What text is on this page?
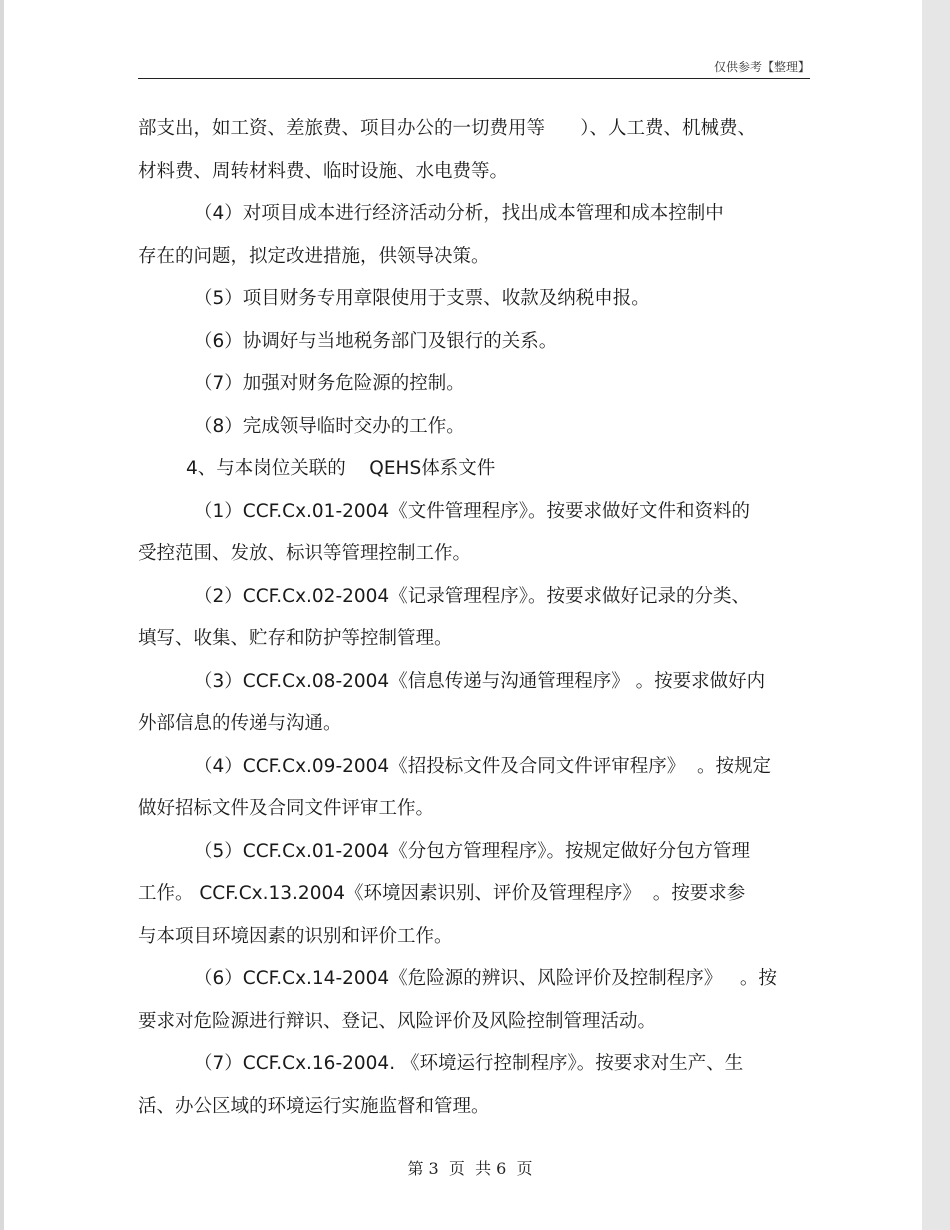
仅供参考【整理】
部支出，如工资、差旅费、项目办公的一切费用等      ）、人工费、机械费、
材料费、周转材料费、临时设施、水电费等。
（4）对项目成本进行经济活动分析，找出成本管理和成本控制中
存在的问题，拟定改进措施，供领导决策。
（5）项目财务专用章限使用于支票、收款及纳税申报。
（6）协调好与当地税务部门及银行的关系。
（7）加强对财务危险源的控制。
（8）完成领导临时交办的工作。
4、与本岗位关联的    QEHS体系文件
（1）CCF.Cx.01-2004《文件管理程序》。按要求做好文件和资料的
受控范围、发放、标识等管理控制工作。
（2）CCF.Cx.02-2004《记录管理程序》。按要求做好记录的分类、
填写、收集、贮存和防护等控制管理。
（3）CCF.Cx.08-2004《信息传递与沟通管理程序》 。按要求做好内
外部信息的传递与沟通。
（4）CCF.Cx.09-2004《招投标文件及合同文件评审程序》  。按规定
做好招标文件及合同文件评审工作。
（5）CCF.Cx.01-2004《分包方管理程序》。按规定做好分包方管理
工作。 CCF.Cx.13.2004《环境因素识别、评价及管理程序》  。按要求参
与本项目环境因素的识别和评价工作。
（6）CCF.Cx.14-2004《危险源的辨识、风险评价及控制程序》   。按
要求对危险源进行辩识、登记、风险评价及风险控制管理活动。
（7）CCF.Cx.16-2004. 《环境运行控制程序》。按要求对生产、生
活、办公区域的环境运行实施监督和管理。
第 3  页  共 6  页
